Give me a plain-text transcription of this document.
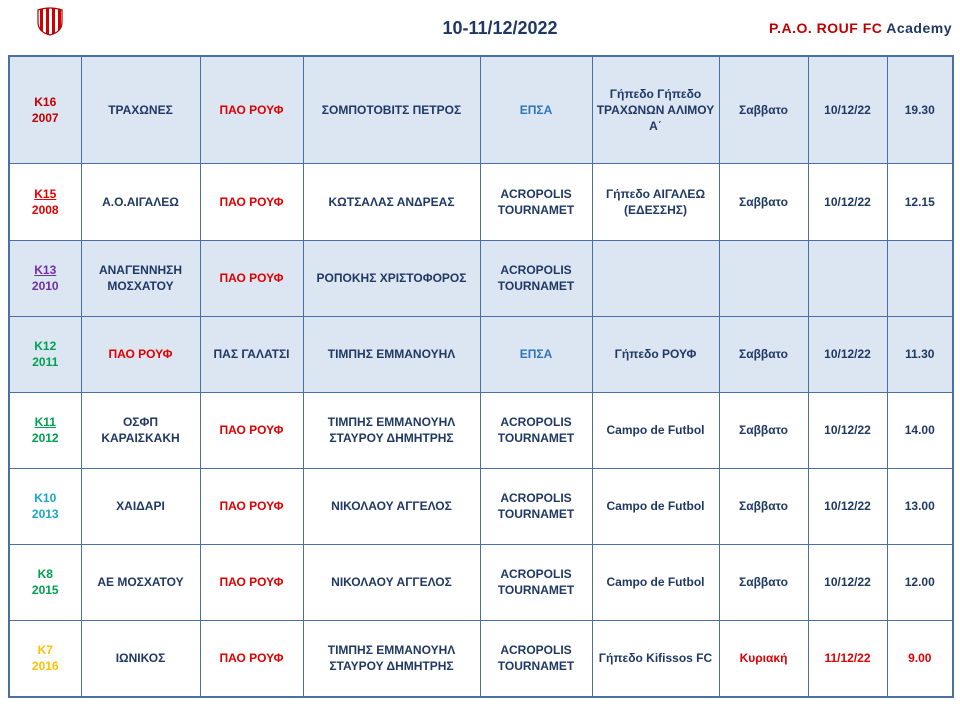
10-11/12/2022	P.A.O. ROUF FC Academy
K16
2007	ΤΡΑΧΩΝΕΣ	ΠΑΟ ΡΟΥΦ	ΣΟΜΠΟΤΟΒΙΤΣ ΠΕΤΡΟΣ	ΕΠΣΑ	Γήπεδο Γήπεδο ΤΡΑΧΩΝΩΝ ΑΛΙΜΟΥ Α΄	Σαββατο	10/12/22	19.30
K15
2008	Α.Ο.ΑΙΓΑΛΕΩ	ΠΑΟ ΡΟΥΦ	ΚΩΤΣΑΛΑΣ ΑΝΔΡΕΑΣ	ACROPOLIS TOURNAMET	Γήπεδο ΑΙΓΑΛΕΩ (ΕΔΕΣΣΗΣ)	Σαββατο	10/12/22	12.15
K13
2010	ΑΝΑΓΕΝΝΗΣΗ ΜΟΣΧΑΤΟΥ	ΠΑΟ ΡΟΥΦ	ΡΟΠΟΚΗΣ ΧΡΙΣΤΟΦΟΡΟΣ	ACROPOLIS TOURNAMET				
K12
2011	ΠΑΟ ΡΟΥΦ	ΠΑΣ ΓΑΛΑΤΣΙ	ΤΙΜΠΗΣ ΕΜΜΑΝΟΥΗΛ	ΕΠΣΑ	Γήπεδο ΡΟΥΦ	Σαββατο	10/12/22	11.30
K11
2012	ΟΣΦΠ ΚΑΡΑΙΣΚΑΚΗ	ΠΑΟ ΡΟΥΦ	ΤΙΜΠΗΣ ΕΜΜΑΝΟΥΗΛ ΣΤΑΥΡΟΥ ΔΗΜΗΤΡΗΣ	ACROPOLIS TOURNAMET	Campo de Futbol	Σαββατο	10/12/22	14.00
K10
2013	ΧΑΙΔΑΡΙ	ΠΑΟ ΡΟΥΦ	ΝΙΚΟΛΑΟΥ ΑΓΓΕΛΟΣ	ACROPOLIS TOURNAMET	Campo de Futbol	Σαββατο	10/12/22	13.00
K8
2015	ΑΕ ΜΟΣΧΑΤΟΥ	ΠΑΟ ΡΟΥΦ	ΝΙΚΟΛΑΟΥ ΑΓΓΕΛΟΣ	ACROPOLIS TOURNAMET	Campo de Futbol	Σαββατο	10/12/22	12.00
K7
2016	ΙΩΝΙΚΟΣ	ΠΑΟ ΡΟΥΦ	ΤΙΜΠΗΣ ΕΜΜΑΝΟΥΗΛ ΣΤΑΥΡΟΥ ΔΗΜΗΤΡΗΣ	ACROPOLIS TOURNAMET	Γήπεδο Kifissos FC	Κυριακή	11/12/22	9.00
